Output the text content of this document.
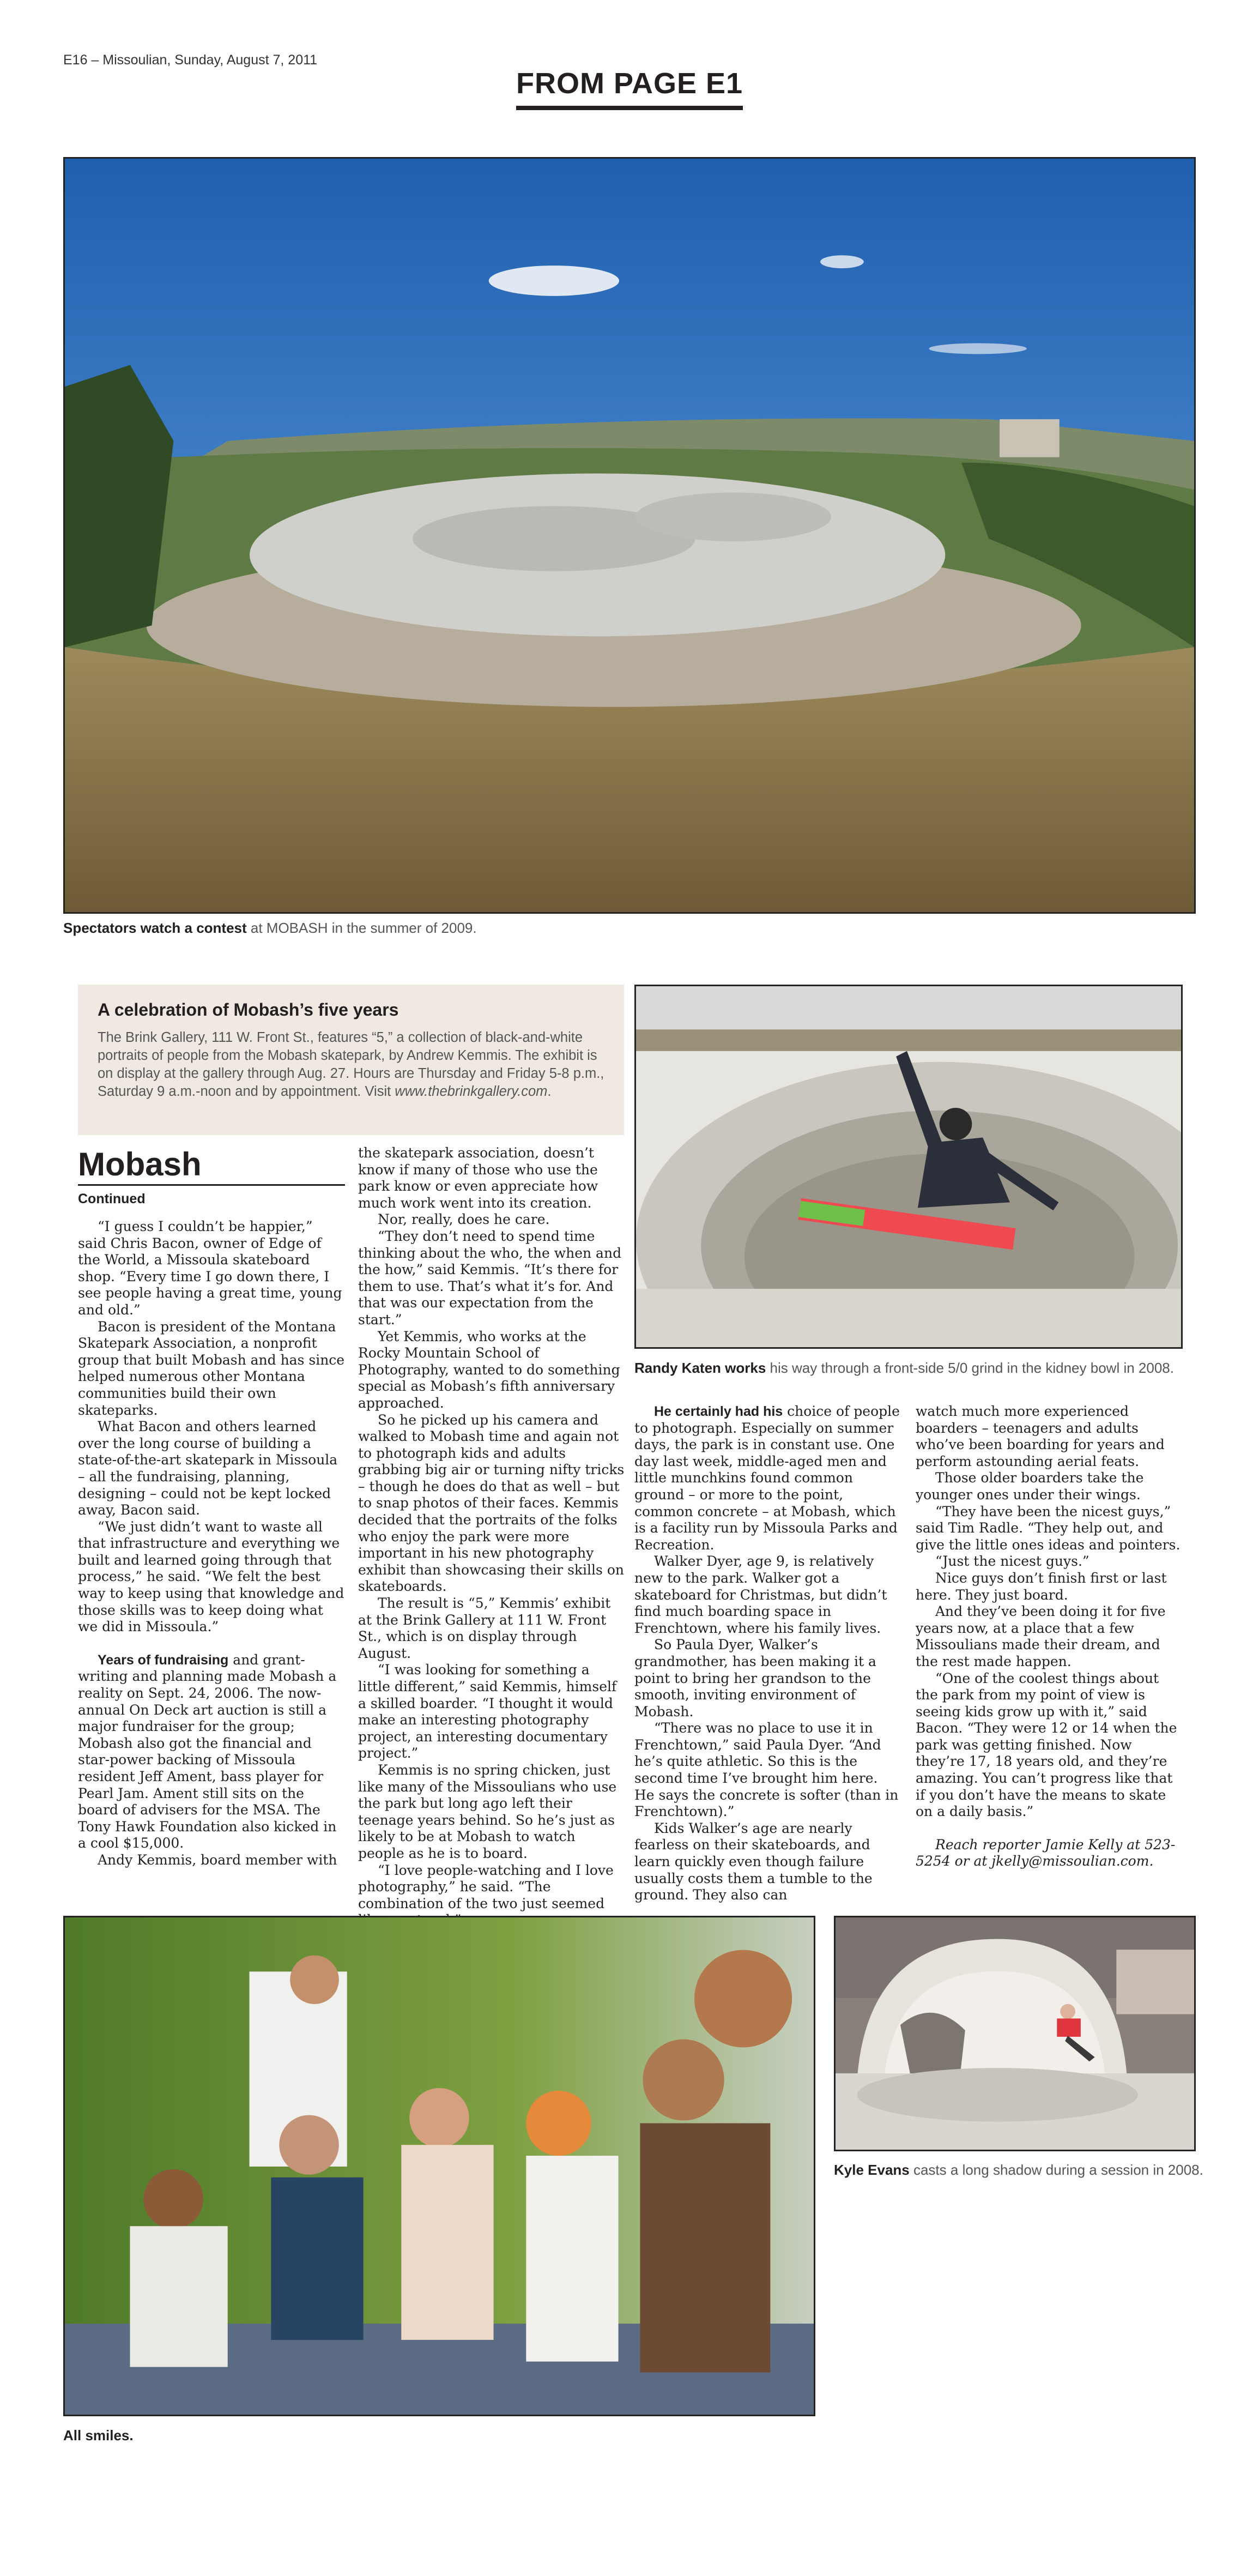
E16 – Missoulian, Sunday, August 7, 2011
FROM PAGE E1
Spectators watch a contest at MOBASH in the summer of 2009.
A celebration of Mobash’s five years

The Brink Gallery, 111 W. Front St., features “5,” a collection of black-and-white portraits of people from the Mobash skatepark, by Andrew Kemmis. The exhibit is on display at the gallery through Aug. 27. Hours are Thursday and Friday 5-8 p.m., Saturday 9 a.m.-noon and by appointment. Visit www.thebrinkgallery.com.

Randy Katen works his way through a front-side 5/0 grind in the kidney bowl in 2008.
Mobash
Continued

“I guess I couldn’t be happier,” said Chris Bacon, owner of Edge of the World, a Missoula skateboard shop. “Every time I go down there, I see people having a great time, young and old.”

Bacon is president of the Montana Skatepark Association, a nonprofit group that built Mobash and has since helped numerous other Montana communities build their own skateparks.

What Bacon and others learned over the long course of building a state-of-the-art skatepark in Missoula – all the fundraising, planning, designing – could not be kept locked away, Bacon said.

“We just didn’t want to waste all that infrastructure and everything we built and learned going through that process,” he said. “We felt the best way to keep using that knowledge and those skills was to keep doing what we did in Missoula.”

Years of fundraising and grant-writing and planning made Mobash a reality on Sept. 24, 2006. The now-annual On Deck art auction is still a major fundraiser for the group; Mobash also got the financial and star-power backing of Missoula resident Jeff Ament, bass player for Pearl Jam. Ament still sits on the board of advisers for the MSA. The Tony Hawk Foundation also kicked in a cool $15,000.

Andy Kemmis, board member with

the skatepark association, doesn’t know if many of those who use the park know or even appreciate how much work went into its creation.

Nor, really, does he care.

“They don’t need to spend time thinking about the who, the when and the how,” said Kemmis. “It’s there for them to use. That’s what it’s for. And that was our expectation from the start.”

Yet Kemmis, who works at the Rocky Mountain School of Photography, wanted to do something special as Mobash’s fifth anniversary approached.

So he picked up his camera and walked to Mobash time and again not to photograph kids and adults grabbing big air or turning nifty tricks – though he does do that as well – but to snap photos of their faces. Kemmis decided that the portraits of the folks who enjoy the park were more important in his new photography exhibit than showcasing their skills on skateboards.

The result is “5,” Kemmis’ exhibit at the Brink Gallery at 111 W. Front St., which is on display through August.

“I was looking for something a little different,” said Kemmis, himself a skilled boarder. “I thought it would make an interesting photography project, an interesting documentary project.”

Kemmis is no spring chicken, just like many of the Missoulians who use the park but long ago left their teenage years behind. So he’s just as likely to be at Mobash to watch people as he is to board.

“I love people-watching and I love photography,” he said. “The combination of the two just seemed

He certainly had his choice of people to photograph. Especially on summer days, the park is in constant use. One day last week, middle-aged men and little munchkins found common ground – or more to the point, common concrete – at Mobash, which is a facility run by Missoula Parks and Recreation.

Walker Dyer, age 9, is relatively new to the park. Walker got a skateboard for Christmas, but didn’t find much boarding space in Frenchtown, where his family lives.

So Paula Dyer, Walker’s grandmother, has been making it a point to bring her grandson to the smooth, inviting environment of Mobash.

“There was no place to use it in Frenchtown,” said Paula Dyer. “And he’s quite athletic. So this is the second time I’ve brought him here. He says the concrete is softer (than in Frenchtown).”

Kids Walker’s age are nearly fearless on their skateboards, and learn quickly even though failure usually costs them a tumble to the ground. They also can

watch much more experienced boarders – teenagers and adults who’ve been boarding for years and perform astounding aerial feats.

Those older boarders take the younger ones under their wings.

“They have been the nicest guys,” said Tim Radle. “They help out, and give the little ones ideas and pointers.

“Just the nicest guys.”

Nice guys don’t finish first or last here. They just board.

And they’ve been doing it for five years now, at a place that a few Missoulians made their dream, and the rest made happen.

“One of the coolest things about the park from my point of view is seeing kids grow up with it,” said Bacon. “They were 12 or 14 when the park was getting finished. Now they’re 17, 18 years old, and they’re amazing. You can’t progress like that if you don’t have the means to skate on a daily basis.”

Reach reporter Jamie Kelly at 523-5254 or at jkelly@missoulian.com.

All smiles.
Kyle Evans casts a long shadow during a session in 2008.
